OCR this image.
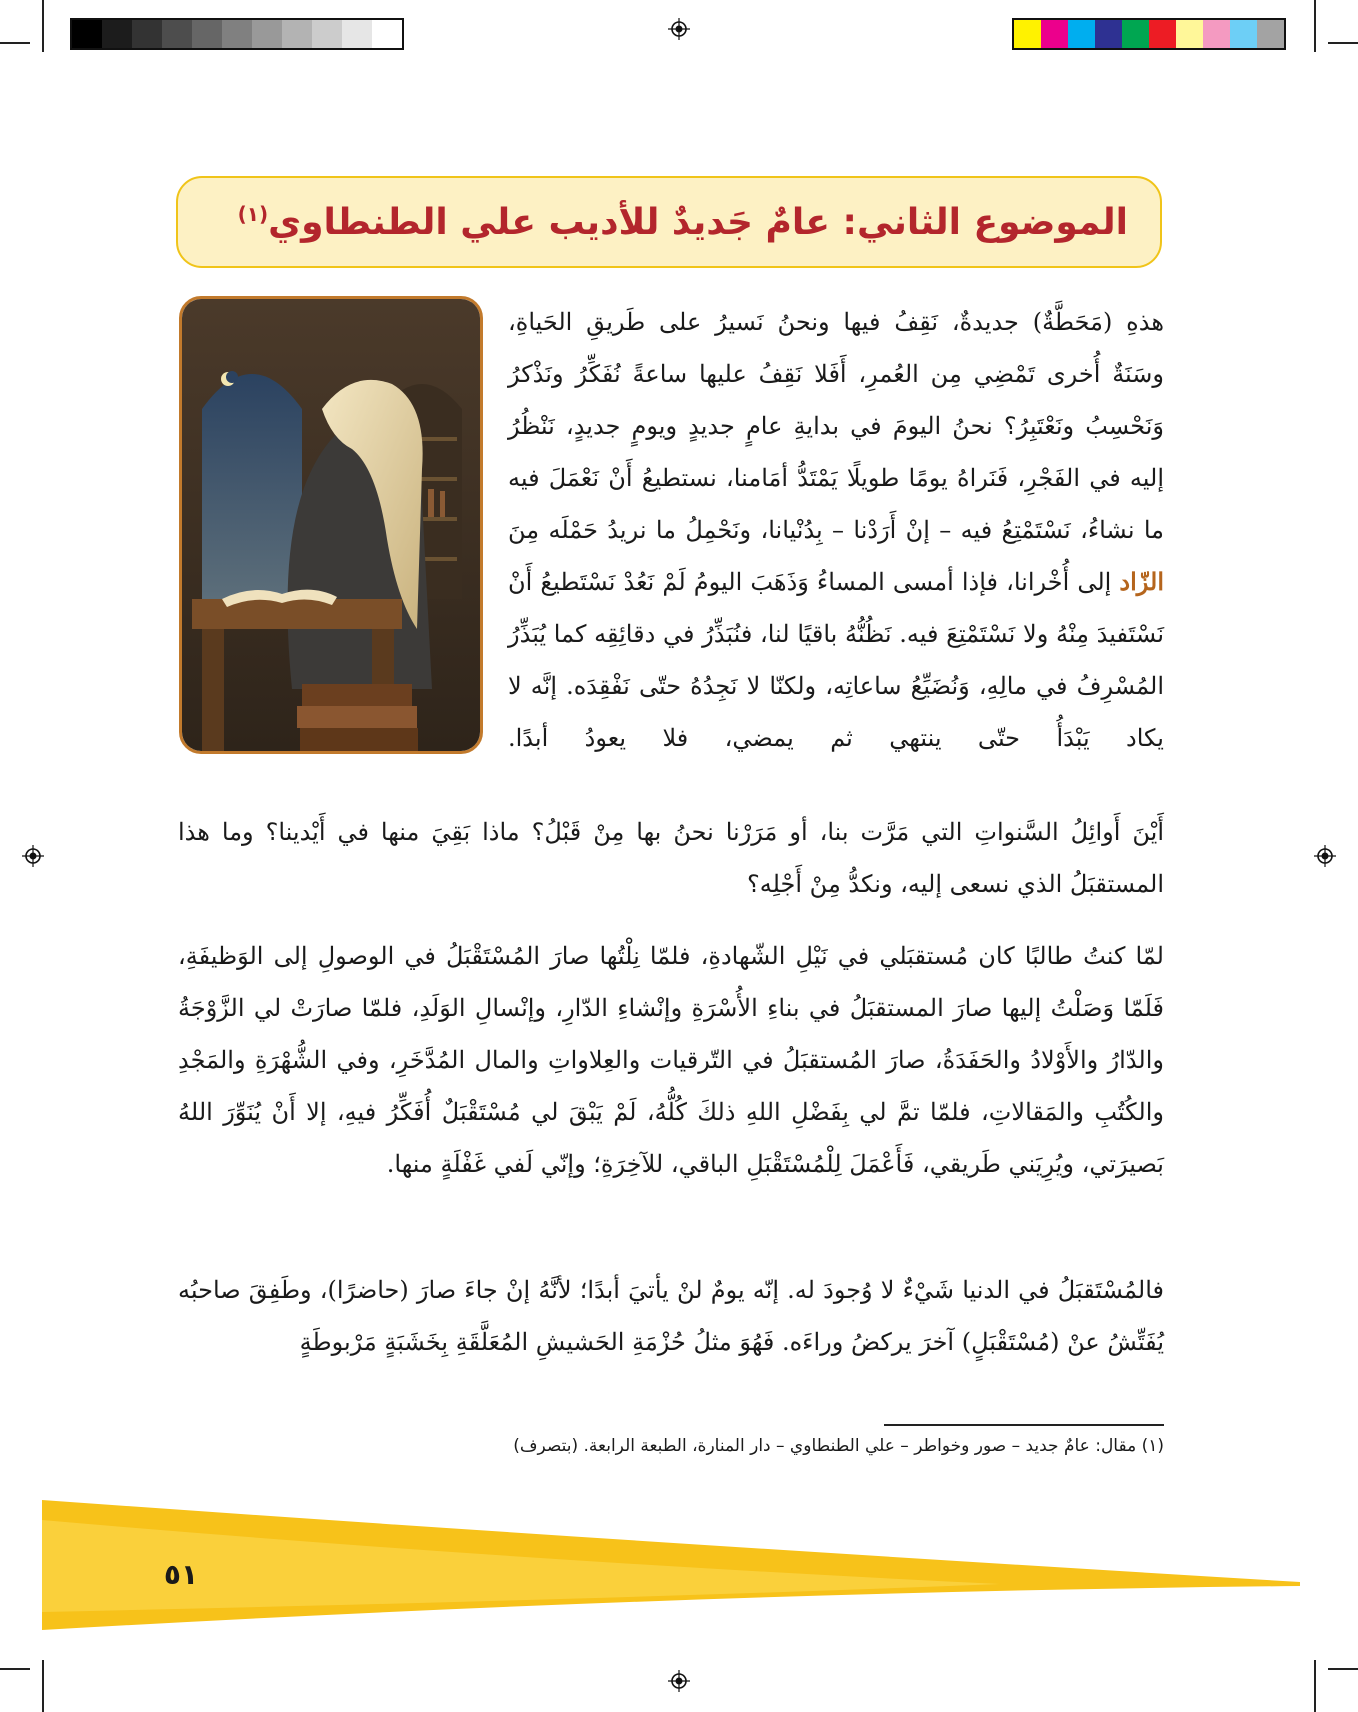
الموضوع الثاني: عامٌ جَديدٌ للأديب علي الطنطاوي$^{(١)}$

هذهِ (مَحَطَّةٌ) جديدةٌ، نَقِفُ فيها ونحنُ نَسيرُ على طَريقِ الحَياةِ، وسَنَةٌ أُخرى تَمْضِي مِن العُمرِ، أَفَلا نَقِفُ عليها ساعةً نُفَكِّرُ ونَذْكرُ وَنَحْسِبُ ونَعْتَبِرُ؟ نحنُ اليومَ في بدايةِ عامٍ جديدٍ ويومٍ جديدٍ، نَنْظُرُ إليه في الفَجْرِ، فَنَراهُ يومًا طويلًا يَمْتَدُّ أمَامنا، نستطيعُ أَنْ نَعْمَلَ فيه ما نشاءُ، نَسْتَمْتِعُ فيه – إنْ أَرَدْنا – بِدُنْيانا، ونَحْمِلُ ما نريدُ حَمْلَه مِنَ الزّاد إلى أُخْرانا، فإذا أمسى المساءُ وَذَهَبَ اليومُ لَمْ نَعُدْ نَسْتَطيعُ أَنْ نَسْتَفيدَ مِنْهُ ولا نَسْتَمْتِعَ فيه. نَظُنُّهُ باقيًا لنا، فنُبَذِّرُ في دقائِقِه كما يُبَذِّرُ المُسْرِفُ في مالِهِ، وَنُضَيِّعُ ساعاتِه، ولكنّا لا نَجِدُهُ حتّى نَفْقِدَه. إنَّه لا يكاد يَبْدَأُ حتّى ينتهي ثم يمضي، فلا يعودُ أبدًا.

أَيْنَ أَوائِلُ السَّنواتِ التي مَرَّت بنا، أو مَرَرْنا نحنُ بها مِنْ قَبْلُ؟ ماذا بَقِيَ منها في أَيْدينا؟ وما هذا المستقبَلُ الذي نسعى إليه، ونكدُّ مِنْ أَجْلِه؟

لمّا كنتُ طالبًا كان مُستقبَلي في نَيْلِ الشّهادةِ، فلمّا نِلْتُها صارَ المُسْتَقْبَلُ في الوصولِ إلى الوَظيفَةِ، فَلَمّا وَصَلْتُ إليها صارَ المستقبَلُ في بناءِ الأُسْرَةِ وإنْشاءِ الدّارِ، وإنْسالِ الوَلَدِ، فلمّا صارَتْ لي الزَّوْجَةُ والدّارُ والأَوْلادُ والحَفَدَةُ، صارَ المُستقبَلُ في التّرقيات والعِلاواتِ والمال المُدَّخَرِ، وفي الشُّهْرَةِ والمَجْدِ والكُتُبِ والمَقالاتِ، فلمّا تمَّ لي بِفَضْلِ اللهِ ذلكَ كُلُّهُ، لَمْ يَبْقَ لي مُسْتَقْبَلٌ أُفَكِّرُ فيهِ، إلا أَنْ يُنَوِّرَ اللهُ بَصيرَتي، ويُرِيَني طَريقي، فَأَعْمَلَ لِلْمُسْتَقْبَلِ الباقي، للآخِرَةِ؛ وإنّي لَفي غَفْلَةٍ منها.

فالمُسْتَقبَلُ في الدنيا شَيْءٌ لا وُجودَ له. إنّه يومٌ لنْ يأتيَ أبدًا؛ لأنَّهُ إنْ جاءَ صارَ (حاضرًا)، وطَفِقَ صاحبُه يُفَتِّشُ عنْ (مُسْتَقْبَلٍ) آخرَ يركضُ وراءَه. فَهُوَ مثلُ حُزْمَةِ الحَشيشِ المُعَلَّقَةِ بِخَشَبَةٍ مَرْبوطَةٍ

(١) مقال: عامٌ جديد – صور وخواطر – علي الطنطاوي – دار المنارة، الطبعة الرابعة. (بتصرف)
٥١
